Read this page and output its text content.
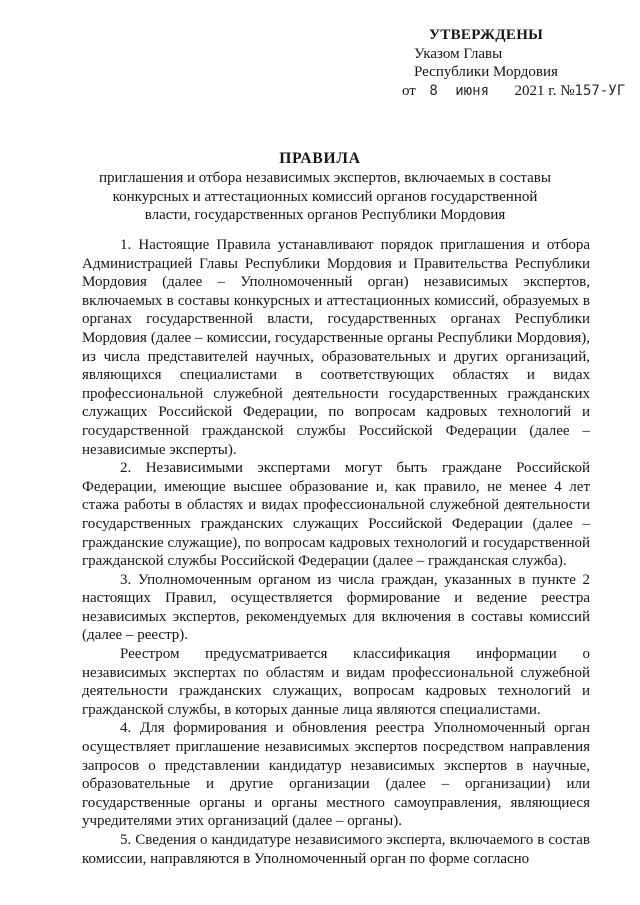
УТВЕРЖДЕНЫ
Указом Главы
Республики Мордовия
от 8 июня 2021 г. №157-УГ
ПРАВИЛА
приглашения и отбора независимых экспертов, включаемых в составы конкурсных и аттестационных комиссий органов государственной власти, государственных органов Республики Мордовия

1. Настоящие Правила устанавливают порядок приглашения и отбора Администрацией Главы Республики Мордовия и Правительства Республики Мордовия (далее – Уполномоченный орган) независимых экспертов, включаемых в составы конкурсных и аттестационных комиссий, образуемых в органах государственной власти, государственных органах Республики Мордовия (далее – комиссии, государственные органы Республики Мордовия), из числа представителей научных, образовательных и других организаций, являющихся специалистами в соответствующих областях и видах профессиональной служебной деятельности государственных гражданских служащих Российской Федерации, по вопросам кадровых технологий и государственной гражданской службы Российской Федерации (далее – независимые эксперты).

2. Независимыми экспертами могут быть граждане Российской Федерации, имеющие высшее образование и, как правило, не менее 4 лет стажа работы в областях и видах профессиональной служебной деятельности государственных гражданских служащих Российской Федерации (далее – гражданские служащие), по вопросам кадровых технологий и государственной гражданской службы Российской Федерации (далее – гражданская служба).

3. Уполномоченным органом из числа граждан, указанных в пункте 2 настоящих Правил, осуществляется формирование и ведение реестра независимых экспертов, рекомендуемых для включения в составы комиссий (далее – реестр).

Реестром предусматривается классификация информации о независимых экспертах по областям и видам профессиональной служебной деятельности гражданских служащих, вопросам кадровых технологий и гражданской службы, в которых данные лица являются специалистами.

4. Для формирования и обновления реестра Уполномоченный орган осуществляет приглашение независимых экспертов посредством направления запросов о представлении кандидатур независимых экспертов в научные, образовательные и другие организации (далее – организации) или государственные органы и органы местного самоуправления, являющиеся учредителями этих организаций (далее – органы).

5. Сведения о кандидатуре независимого эксперта, включаемого в состав комиссии, направляются в Уполномоченный орган по форме согласно
